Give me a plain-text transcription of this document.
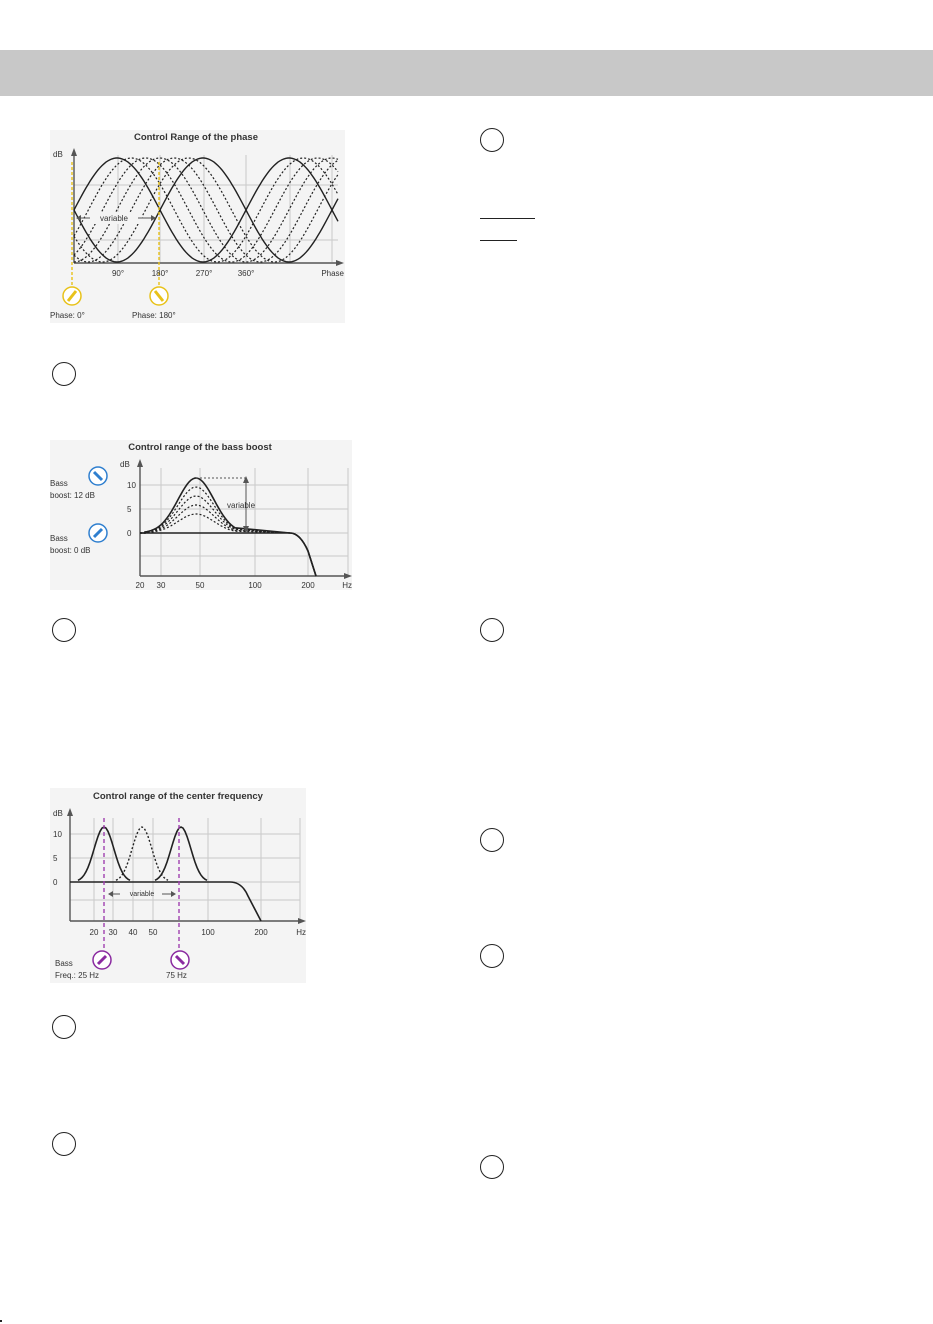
Control Range of the phase
dB
variable
90°	180°	270°	360°	Phase
Phase: 0°	Phase: 180°
Control range of the bass boost
dB
variable
10
5
0
20 30	50	100	200	Hz
Bass
boost: 12 dB
Bass
boost: 0 dB
Control range of the center frequency
dB
variable
10
5
0
20 30 40 50	100	200	Hz
Bass
Freq.: 25 Hz	75 Hz
